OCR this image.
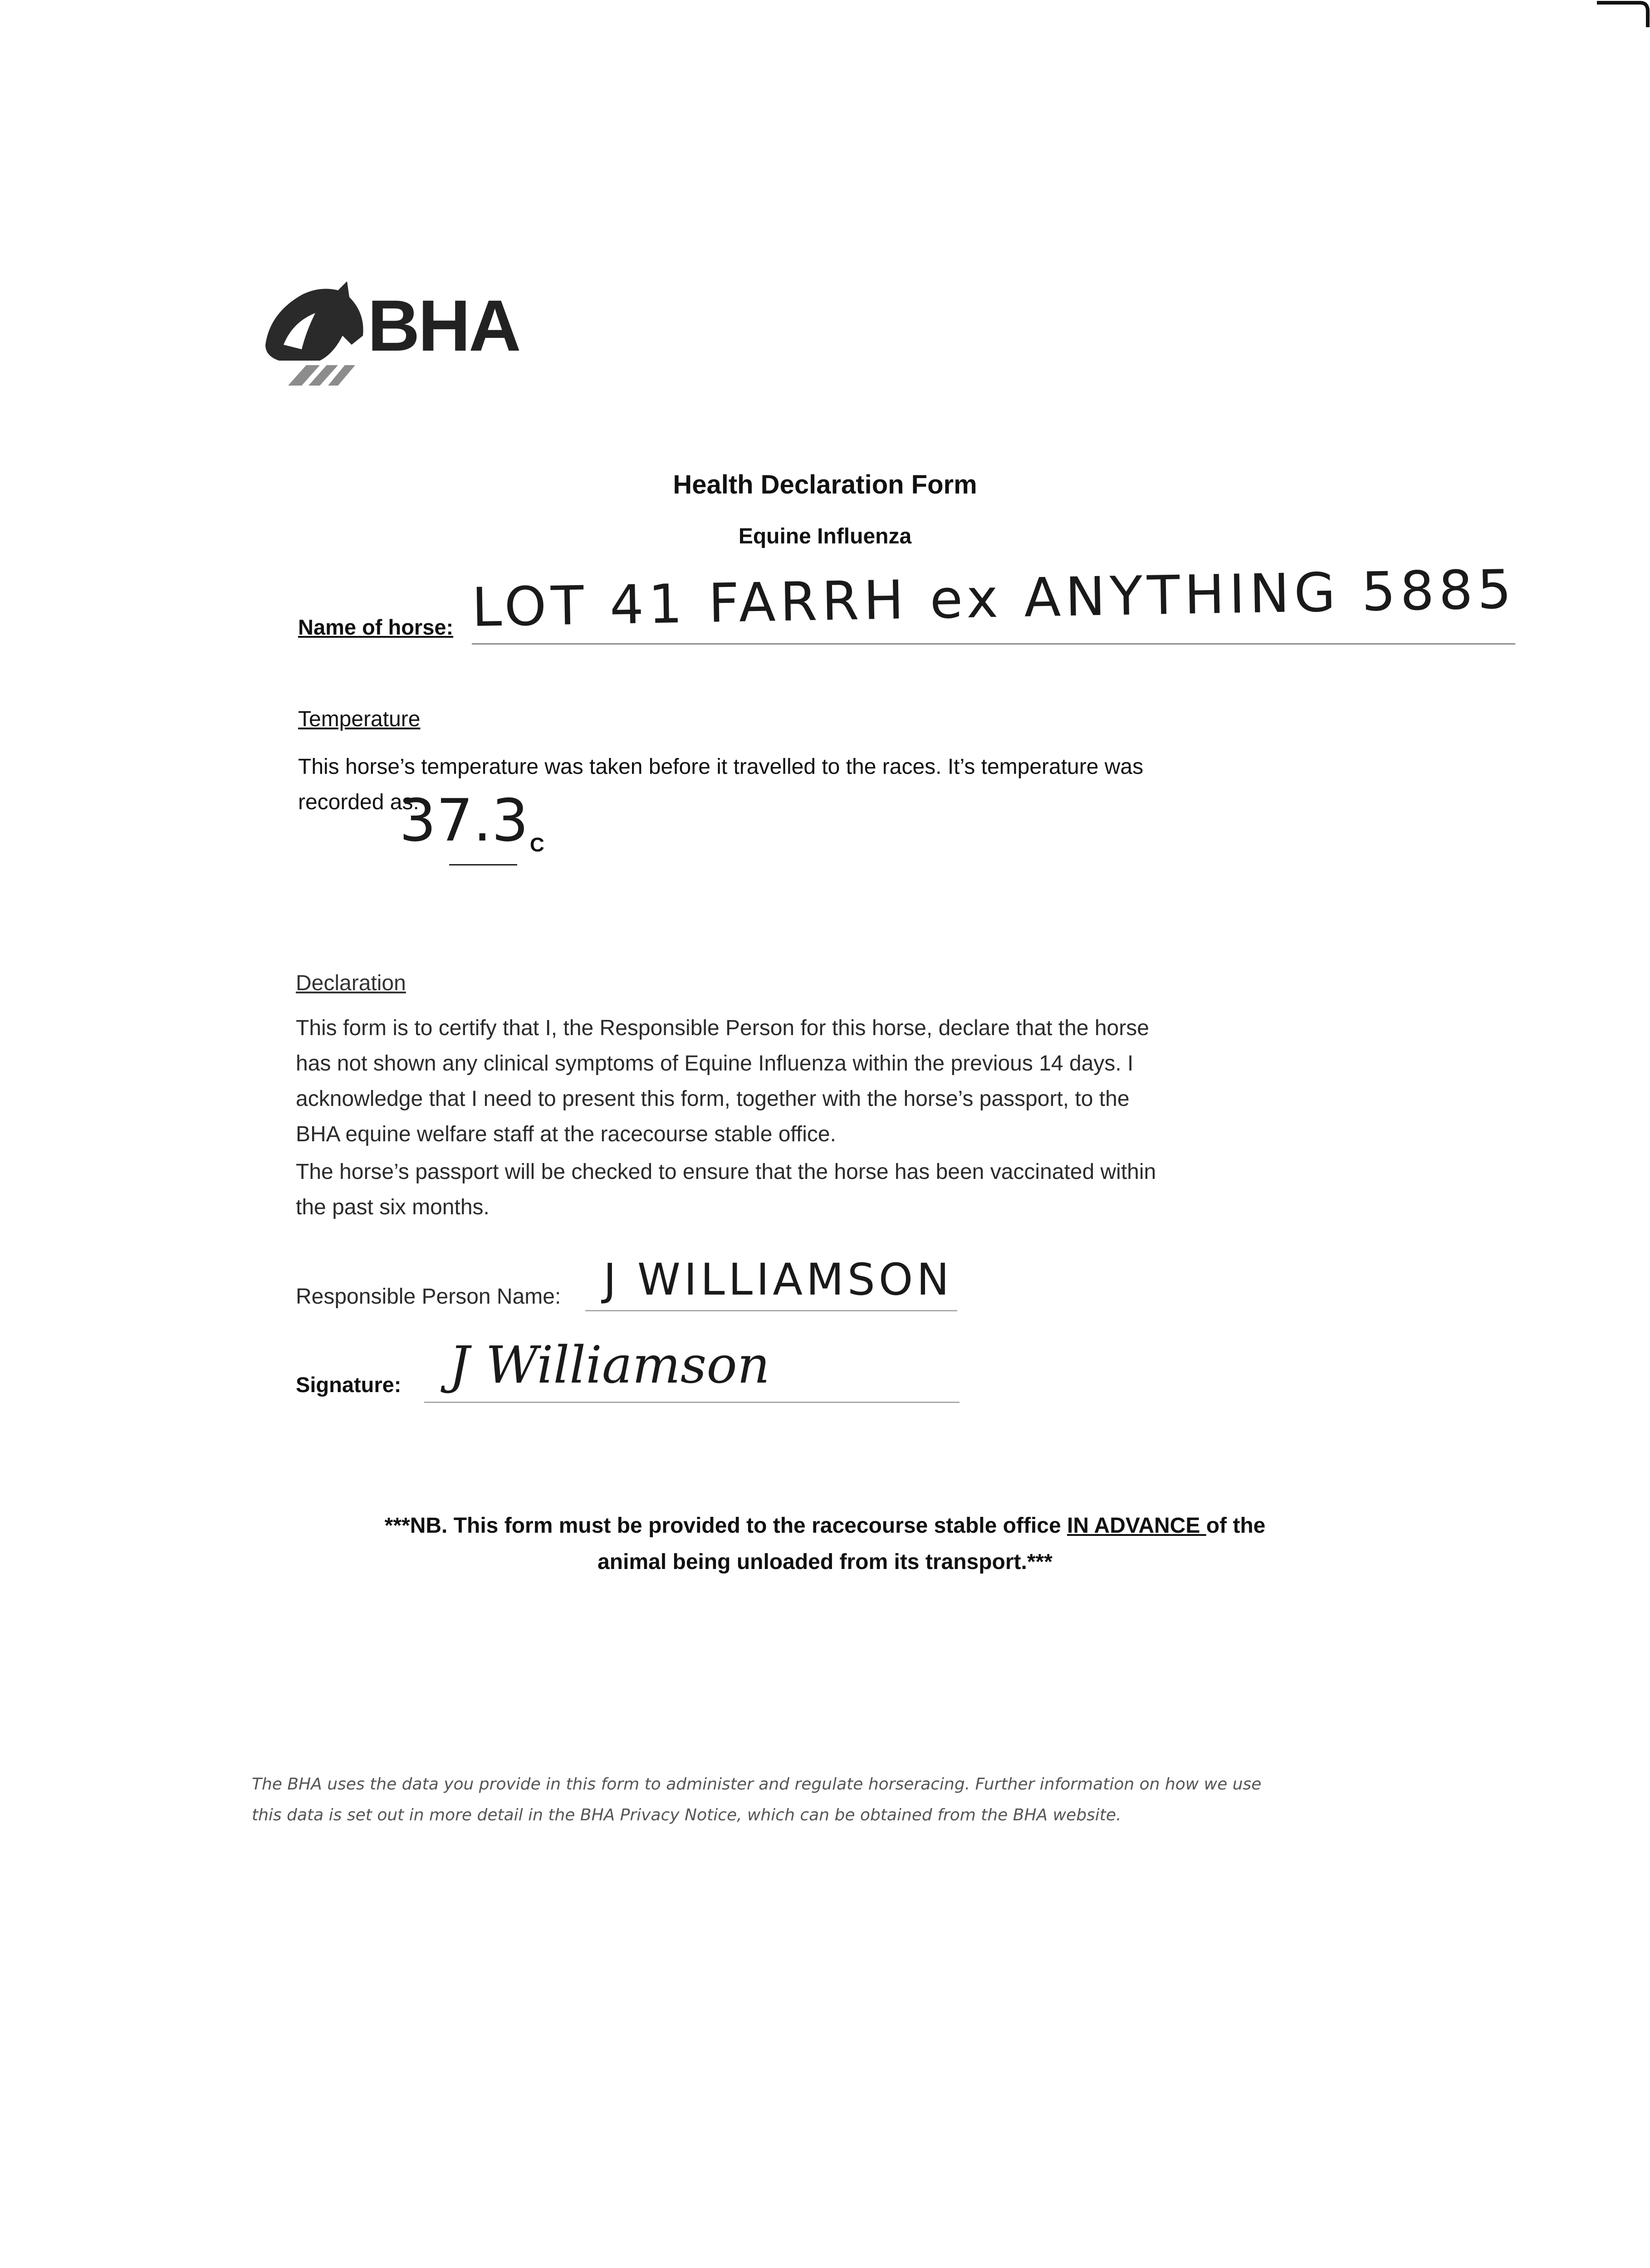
BHA
Health Declaration Form
Equine Influenza
Name of horse: LOT 41 FARRH ex ANYTHING 5885
Temperature
This horse’s temperature was taken before it travelled to the races. It’s temperature was
recorded as:
37.3 C
Declaration
This form is to certify that I, the Responsible Person for this horse, declare that the horse
has not shown any clinical symptoms of Equine Influenza within the previous 14 days. I
acknowledge that I need to present this form, together with the horse’s passport, to the
BHA equine welfare staff at the racecourse stable office.
The horse’s passport will be checked to ensure that the horse has been vaccinated within
the past six months.
Responsible Person Name: J WILLIAMSON
Signature: J Williamson
***NB. This form must be provided to the racecourse stable office IN ADVANCE of the
animal being unloaded from its transport.***
The BHA uses the data you provide in this form to administer and regulate horseracing. Further information on how we use
this data is set out in more detail in the BHA Privacy Notice, which can be obtained from the BHA website.
